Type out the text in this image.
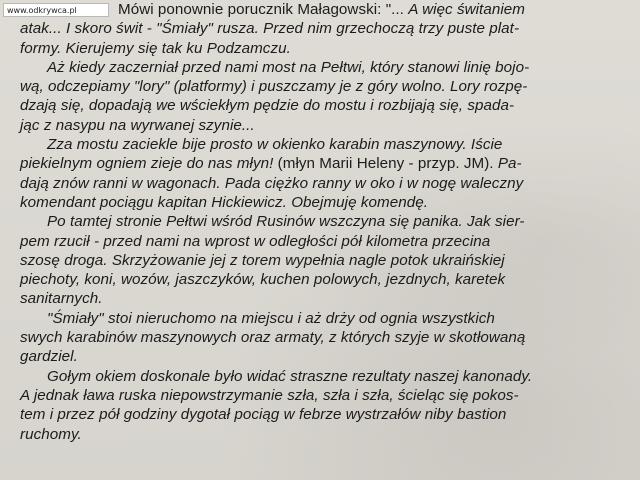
www.odkrywca.pl	Mówi ponownie porucznik Małagowski: "... A więc świtaniem
atak... I skoro świt - "Śmiały" rusza. Przed nim grzechoczą trzy puste plat-
formy. Kierujemy się tak ku Podzamczu.
Aż kiedy zaczerniał przed nami most na Pełtwi, który stanowi linię bojo-
wą, odczepiamy "lory" (platformy) i puszczamy je z góry wolno. Lory rozpę-
dzają się, dopadają we wściekłym pędzie do mostu i rozbijają się, spada-
jąc z nasypu na wyrwanej szynie...
Zza mostu zaciekle bije prosto w okienko karabin maszynowy. Iście
piekielnym ogniem zieje do nas młyn! (młyn Marii Heleny - przyp. JM). Pa-
dają znów ranni w wagonach. Pada ciężko ranny w oko i w nogę waleczny
komendant pociągu kapitan Hickiewicz. Obejmuję komendę.
Po tamtej stronie Pełtwi wśród Rusinów wszczyna się panika. Jak sier-
pem rzucił - przed nami na wprost w odległości pół kilometra przecina
szosę droga. Skrzyżowanie jej z torem wypełnia nagle potok ukraińskiej
piechoty, koni, wozów, jaszczyków, kuchen polowych, jezdnych, karetek
sanitarnych.
"Śmiały" stoi nieruchomo na miejscu i aż drży od ognia wszystkich
swych karabinów maszynowych oraz armaty, z których szyje w skotłowaną
gardziel.
Gołym okiem doskonale było widać straszne rezultaty naszej kanonady.
A jednak ława ruska niepowstrzymanie szła, szła i szła, ścieląc się pokos-
tem i przez pół godziny dygotał pociąg w febrze wystrzałów niby bastion
ruchomy.
